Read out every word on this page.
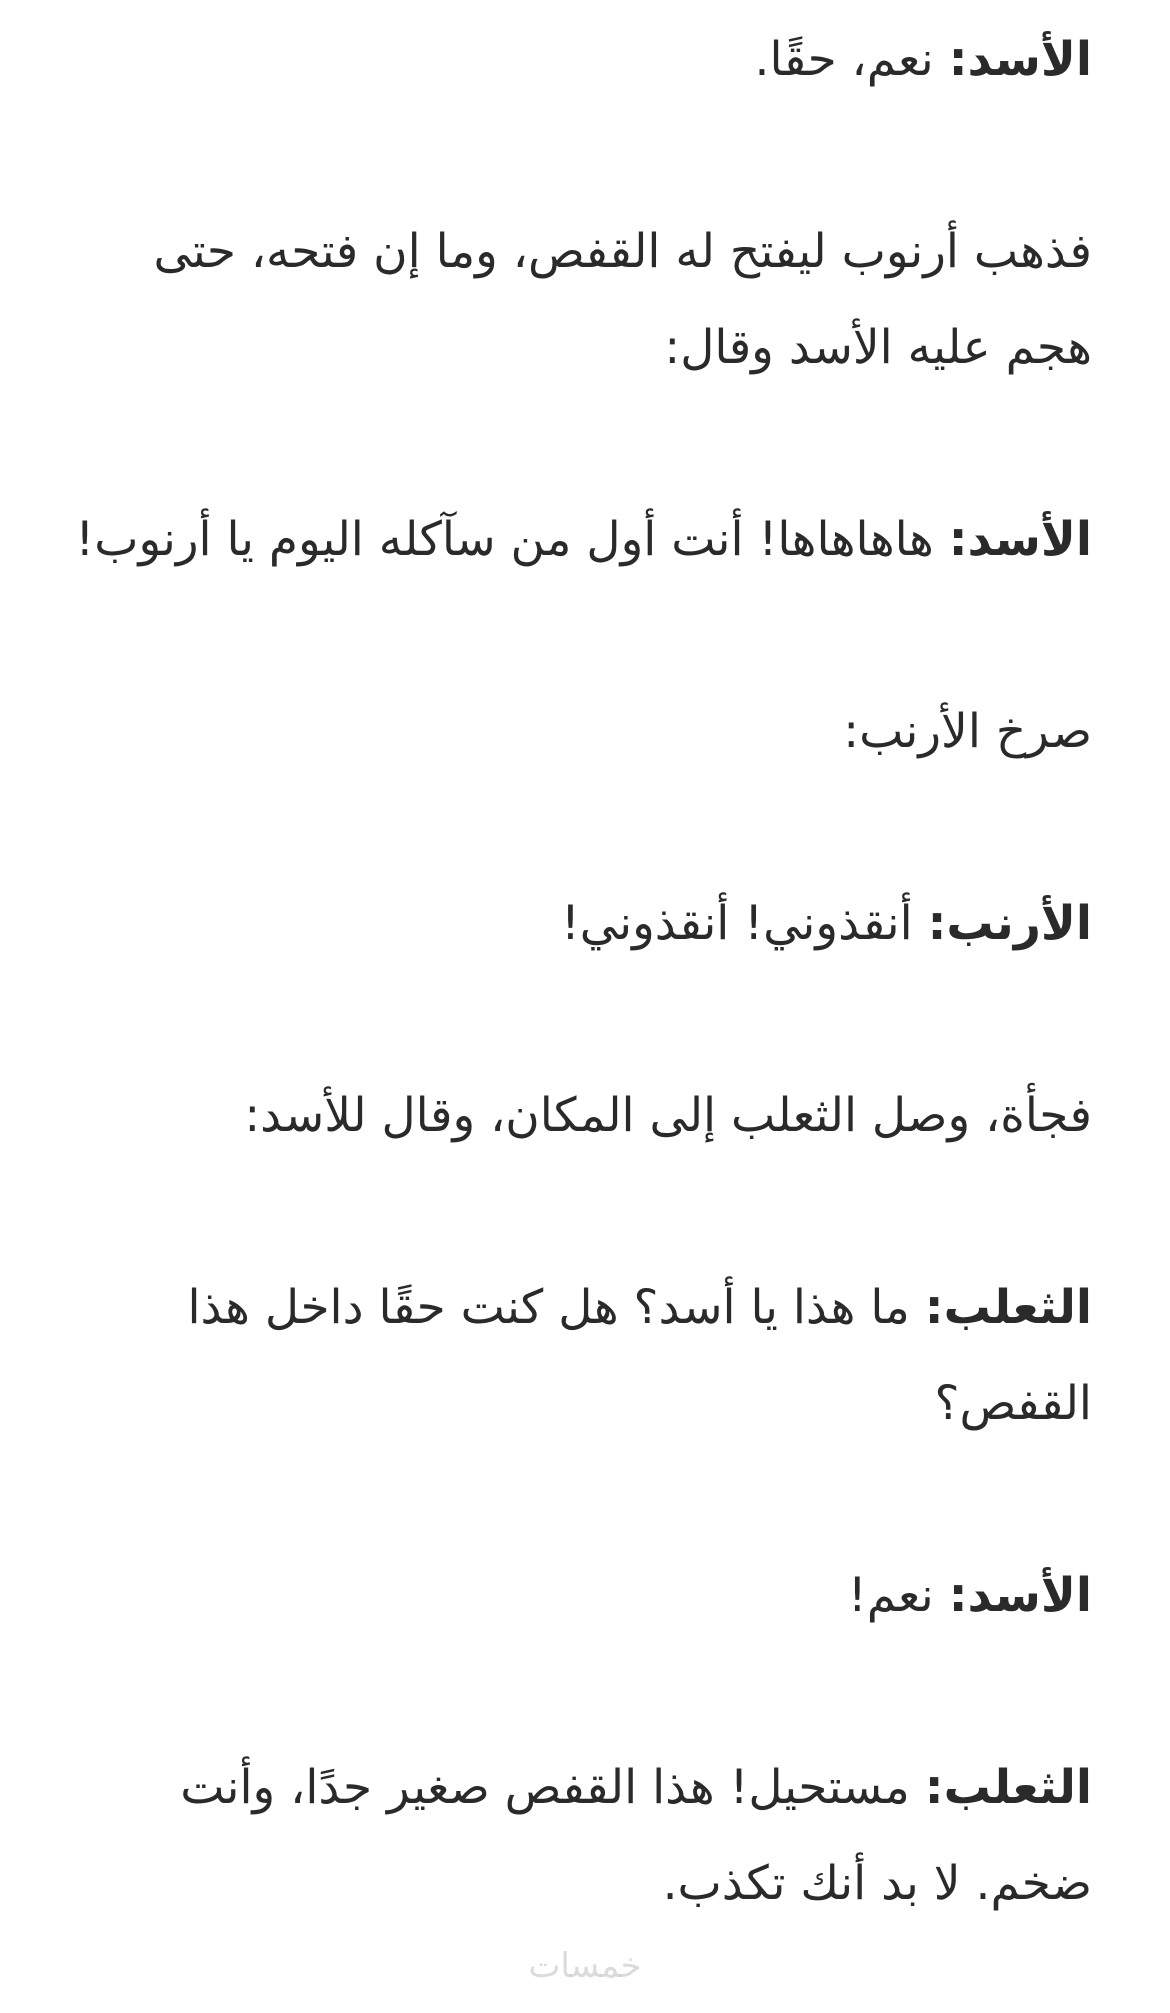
الأسد: نعم، حقًا.

فذهب أرنوب ليفتح له القفص، وما إن فتحه، حتى هجم عليه الأسد وقال:

الأسد: هاهاهاها! أنت أول من سآكله اليوم يا أرنوب!

صرخ الأرنب:

الأرنب: أنقذوني! أنقذوني!

فجأة، وصل الثعلب إلى المكان، وقال للأسد:

الثعلب: ما هذا يا أسد؟ هل كنت حقًا داخل هذا القفص؟

الأسد: نعم!

الثعلب: مستحيل! هذا القفص صغير جدًا، وأنت ضخم. لا بد أنك تكذب.

خمسات
